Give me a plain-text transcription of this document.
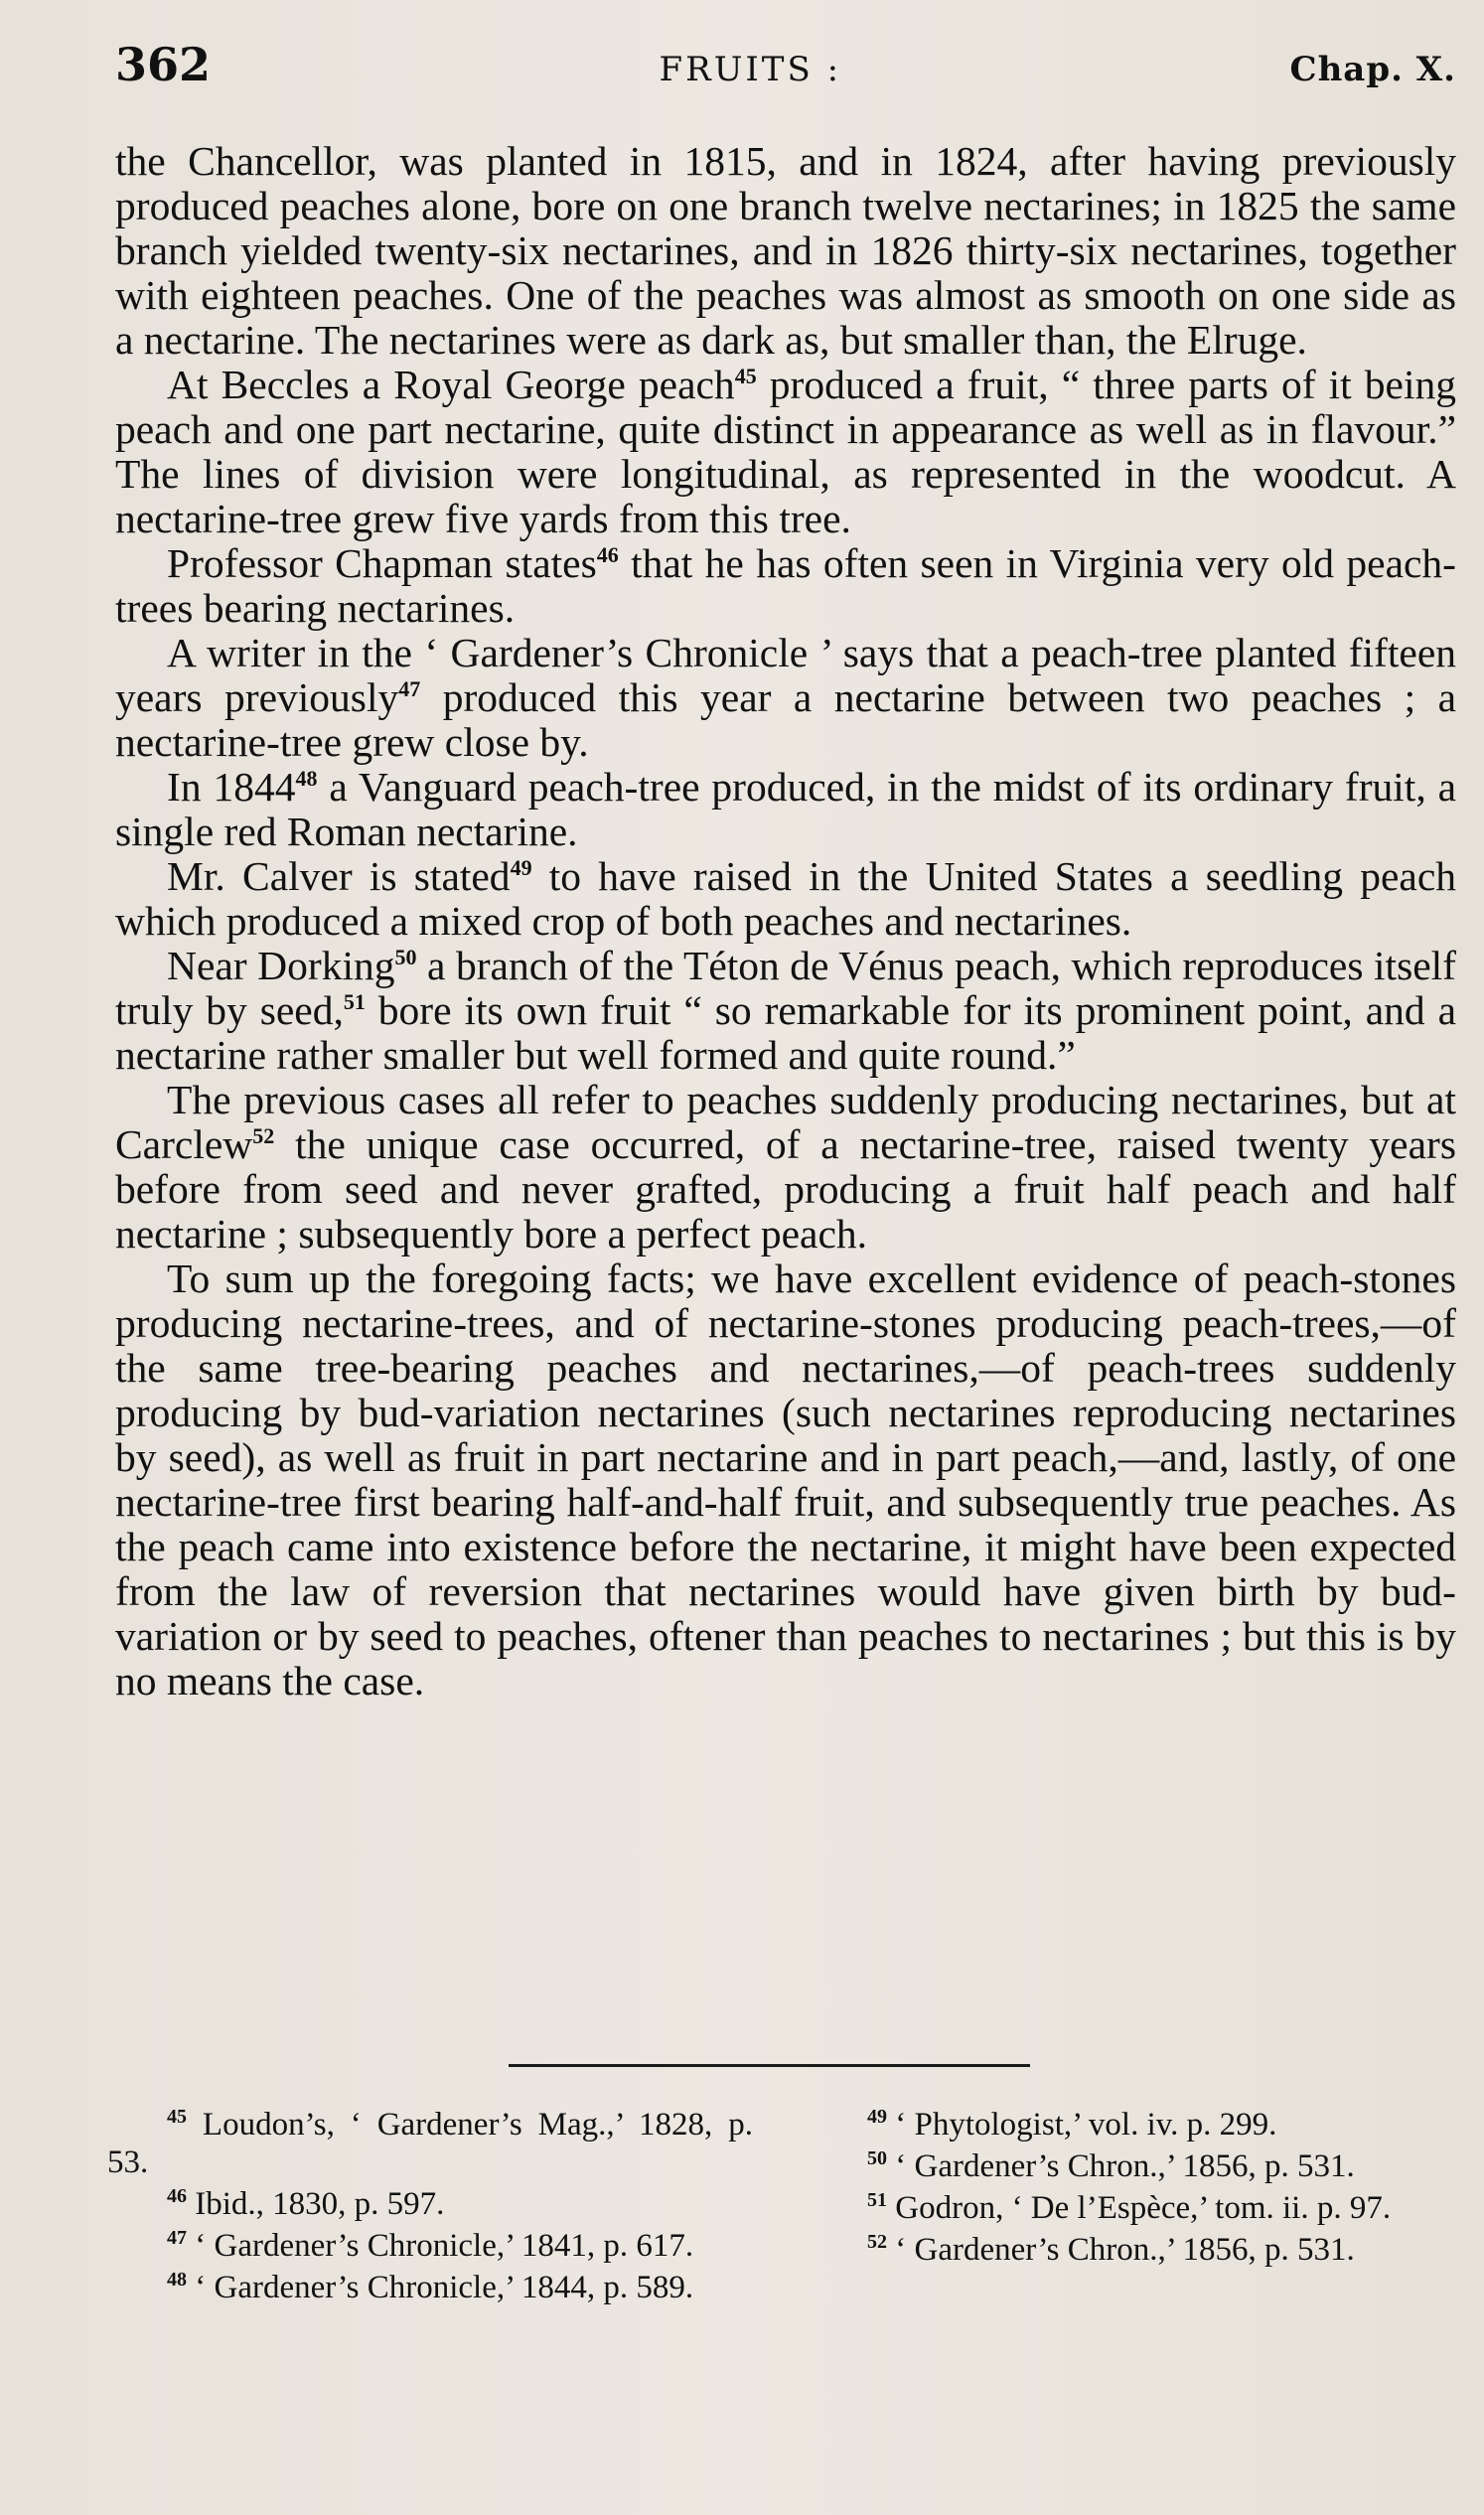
362	FRUITS :	Chap. X.

the Chancellor, was planted in 1815, and in 1824, after having previously produced peaches alone, bore on one branch twelve nectarines; in 1825 the same branch yielded twenty-six nectarines, and in 1826 thirty-six nectarines, together with eighteen peaches. One of the peaches was almost as smooth on one side as a nectarine. The nectarines were as dark as, but smaller than, the Elruge.

At Beccles a Royal George peach$^{45}$ produced a fruit, “ three parts of it being peach and one part nectarine, quite distinct in appearance as well as in flavour.” The lines of division were longitudinal, as represented in the woodcut. A nectarine-tree grew five yards from this tree.

Professor Chapman states$^{46}$ that he has often seen in Virginia very old peach-trees bearing nectarines.

A writer in the ‘ Gardener’s Chronicle ’ says that a peach-tree planted fifteen years previously$^{47}$ produced this year a nectarine between two peaches ; a nectarine-tree grew close by.

In 1844$^{48}$ a Vanguard peach-tree produced, in the midst of its ordinary fruit, a single red Roman nectarine.

Mr. Calver is stated$^{49}$ to have raised in the United States a seedling peach which produced a mixed crop of both peaches and nectarines.

Near Dorking$^{50}$ a branch of the Téton de Vénus peach, which reproduces itself truly by seed,$^{51}$ bore its own fruit “ so remarkable for its prominent point, and a nectarine rather smaller but well formed and quite round.”

The previous cases all refer to peaches suddenly producing nectarines, but at Carclew$^{52}$ the unique case occurred, of a nectarine-tree, raised twenty years before from seed and never grafted, producing a fruit half peach and half nectarine ; subsequently bore a perfect peach.

To sum up the foregoing facts; we have excellent evidence of peach-stones producing nectarine-trees, and of nectarine-stones producing peach-trees,—of the same tree-bearing peaches and nectarines,—of peach-trees suddenly producing by bud-variation nectarines (such nectarines reproducing nectarines by seed), as well as fruit in part nectarine and in part peach,—and, lastly, of one nectarine-tree first bearing half-and-half fruit, and subsequently true peaches. As the peach came into existence before the nectarine, it might have been expected from the law of reversion that nectarines would have given birth by bud-variation or by seed to peaches, oftener than peaches to nectarines ; but this is by no means the case.

$^{45}$ Loudon’s, ‘ Gardener’s Mag.,’ 1828, p. 53.

$^{46}$ Ibid., 1830, p. 597.

$^{47}$ ‘ Gardener’s Chronicle,’ 1841, p. 617.

$^{48}$ ‘ Gardener’s Chronicle,’ 1844, p. 589.

$^{49}$ ‘ Phytologist,’ vol. iv. p. 299.

$^{50}$ ‘ Gardener’s Chron.,’ 1856, p. 531.

$^{51}$ Godron, ‘ De l’Espèce,’ tom. ii. p. 97.

$^{52}$ ‘ Gardener’s Chron.,’ 1856, p. 531.
